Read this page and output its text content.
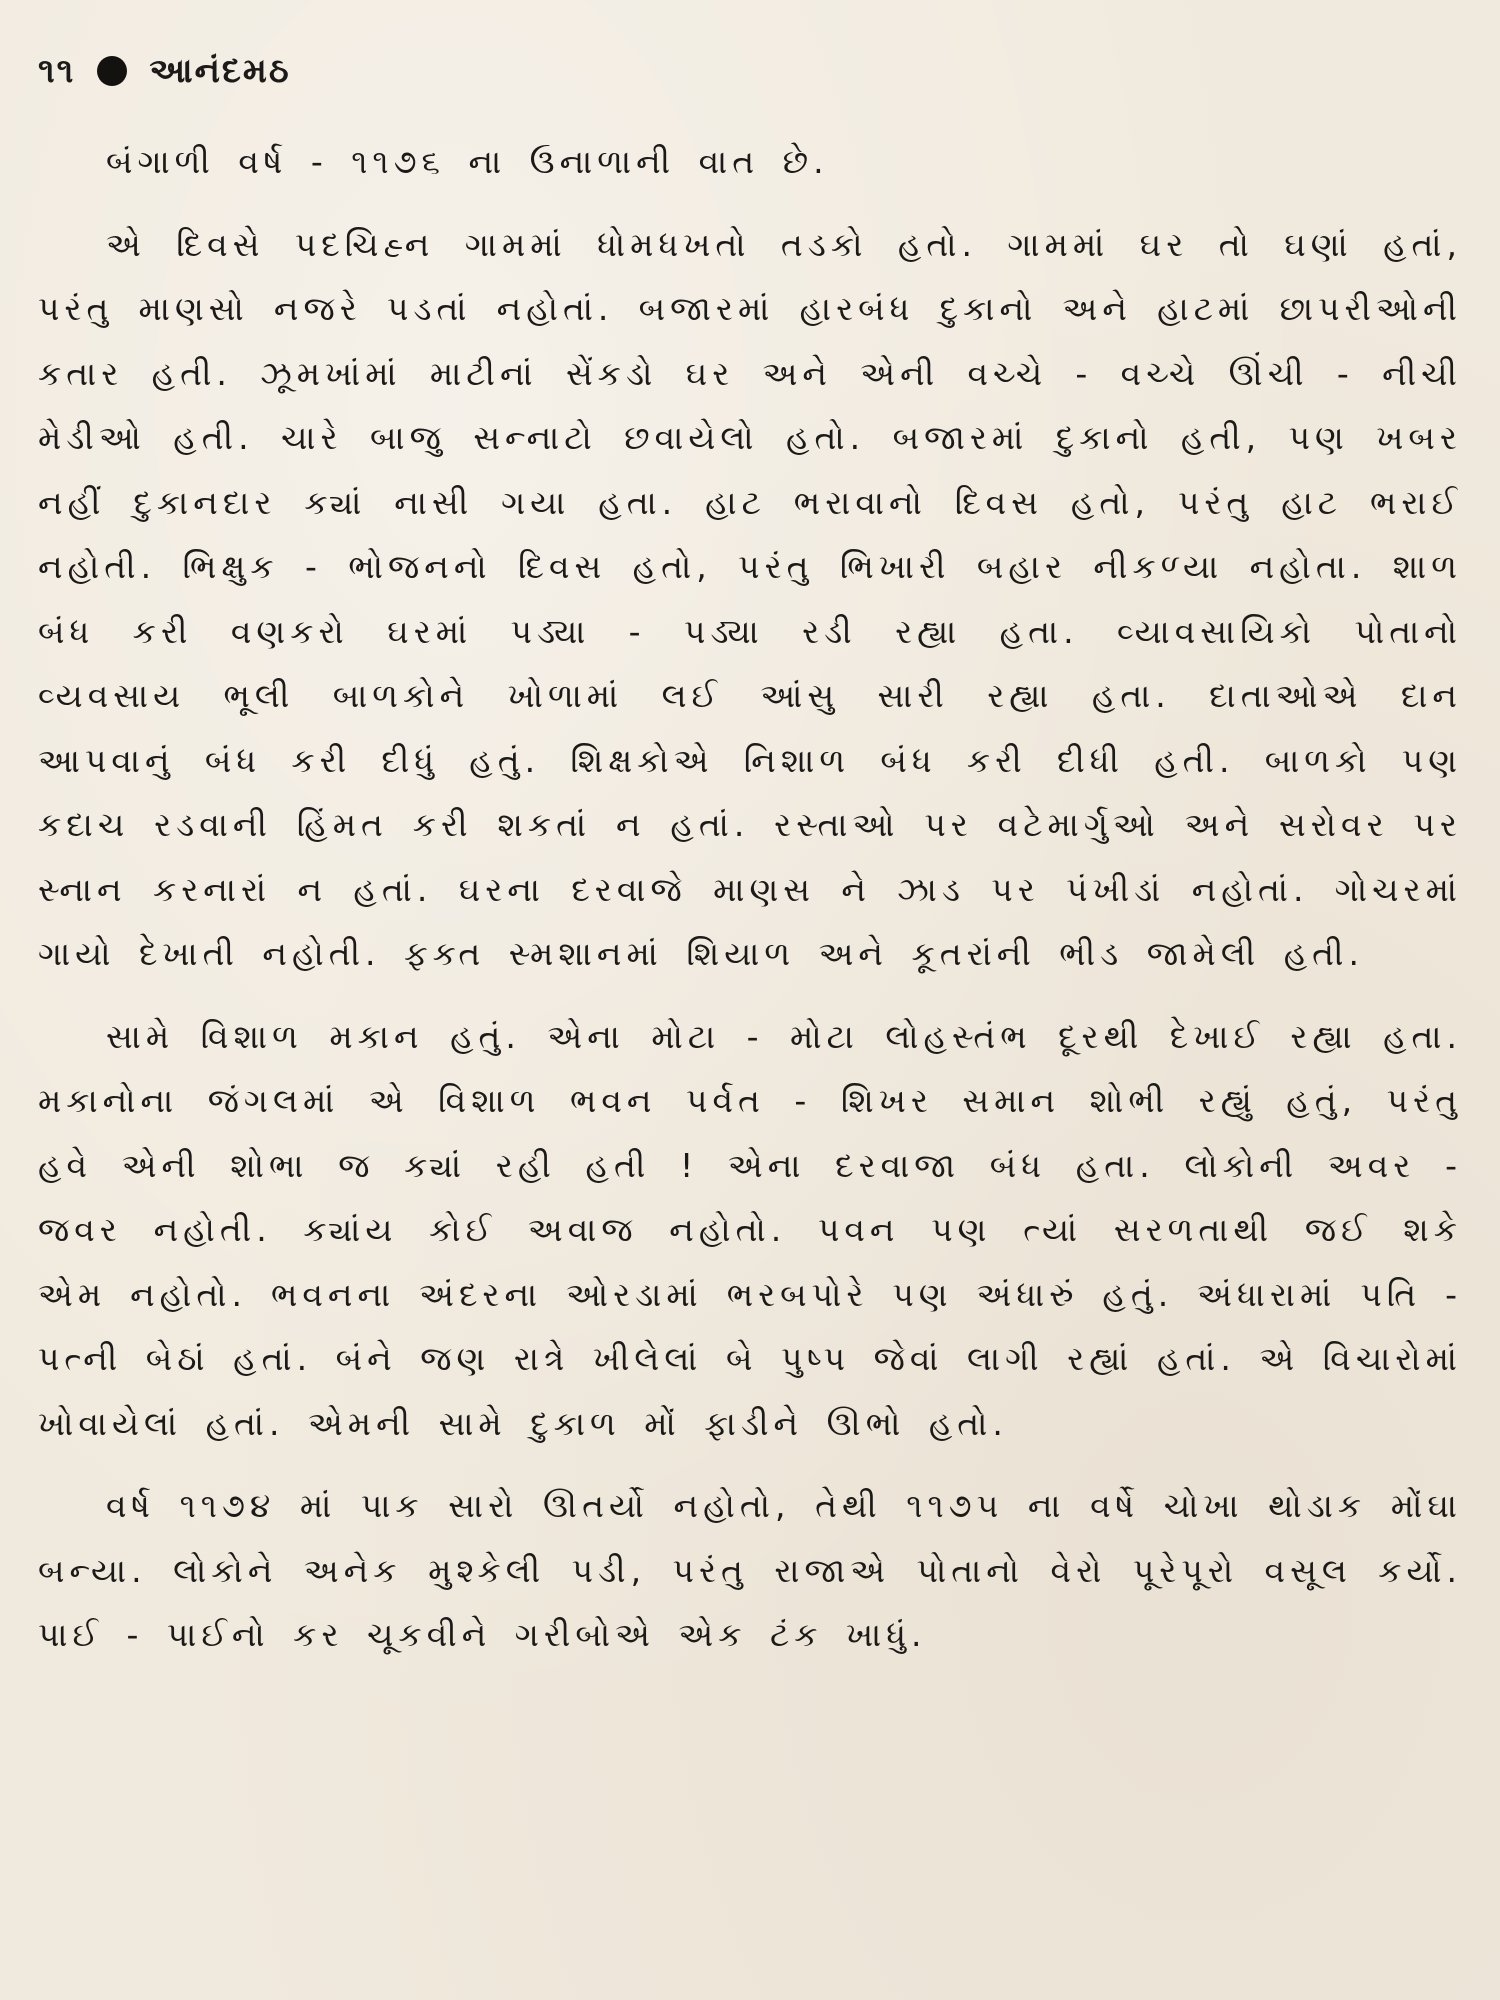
૧૧ આનંદમઠ

બંગાળી વર્ષ - ૧૧૭૬ ના ઉનાળાની વાત છે.

એ દિવસે પદચિહ્ન ગામમાં ધોમધખતો તડકો હતો. ગામમાં ઘર તો ઘણાં હતાં, પરંતુ માણસો નજરે પડતાં નહોતાં. બજારમાં હારબંધ દુકાનો અને હાટમાં છાપરીઓની કતાર હતી. ઝૂમખાંમાં માટીનાં સેંકડો ઘર અને એની વચ્ચે - વચ્ચે ઊંચી - નીચી મેડીઓ હતી. ચારે બાજુ સન્નાટો છવાયેલો હતો. બજારમાં દુકાનો હતી, પણ ખબર નહીં દુકાનદાર ક્યાં નાસી ગયા હતા. હાટ ભરાવાનો દિવસ હતો, પરંતુ હાટ ભરાઈ નહોતી. ભિક્ષુક - ભોજનનો દિવસ હતો, પરંતુ ભિખારી બહાર નીકળ્યા નહોતા. શાળ બંધ કરી વણકરો ઘરમાં પડ્યા - પડ્યા રડી રહ્યા હતા. વ્યાવસાયિકો પોતાનો વ્યવસાય ભૂલી બાળકોને ખોળામાં લઈ આંસુ સારી રહ્યા હતા. દાતાઓએ દાન આપવાનું બંધ કરી દીધું હતું. શિક્ષકોએ નિશાળ બંધ કરી દીધી હતી. બાળકો પણ કદાચ રડવાની હિંમત કરી શકતાં ન હતાં. રસ્તાઓ પર વટેમાર્ગુઓ અને સરોવર પર સ્નાન કરનારાં ન હતાં. ઘરના દરવાજે માણસ ને ઝાડ પર પંખીડાં નહોતાં. ગોચરમાં ગાયો દેખાતી નહોતી. ફક્ત સ્મશાનમાં શિયાળ અને કૂતરાંની ભીડ જામેલી હતી.

સામે વિશાળ મકાન હતું. એના મોટા - મોટા લોહસ્તંભ દૂરથી દેખાઈ રહ્યા હતા. મકાનોના જંગલમાં એ વિશાળ ભવન પર્વત - શિખર સમાન શોભી રહ્યું હતું, પરંતુ હવે એની શોભા જ ક્યાં રહી હતી ! એના દરવાજા બંધ હતા. લોકોની અવર - જવર નહોતી. ક્યાંય કોઈ અવાજ નહોતો. પવન પણ ત્યાં સરળતાથી જઈ શકે એમ નહોતો. ભવનના અંદરના ઓરડામાં ભરબપોરે પણ અંધારું હતું. અંધારામાં પતિ - પત્ની બેઠાં હતાં. બંને જણ રાત્રે ખીલેલાં બે પુષ્પ જેવાં લાગી રહ્યાં હતાં. એ વિચારોમાં ખોવાયેલાં હતાં. એમની સામે દુકાળ મોં ફાડીને ઊભો હતો.

વર્ષ ૧૧૭૪ માં પાક સારો ઊતર્યો નહોતો, તેથી ૧૧૭૫ ના વર્ષે ચોખા થોડાક મોંઘા બન્યા. લોકોને અનેક મુશ્કેલી પડી, પરંતુ રાજાએ પોતાનો વેરો પૂરેપૂરો વસૂલ કર્યો. પાઈ - પાઈનો કર ચૂકવીને ગરીબોએ એક ટંક ખાધું.
